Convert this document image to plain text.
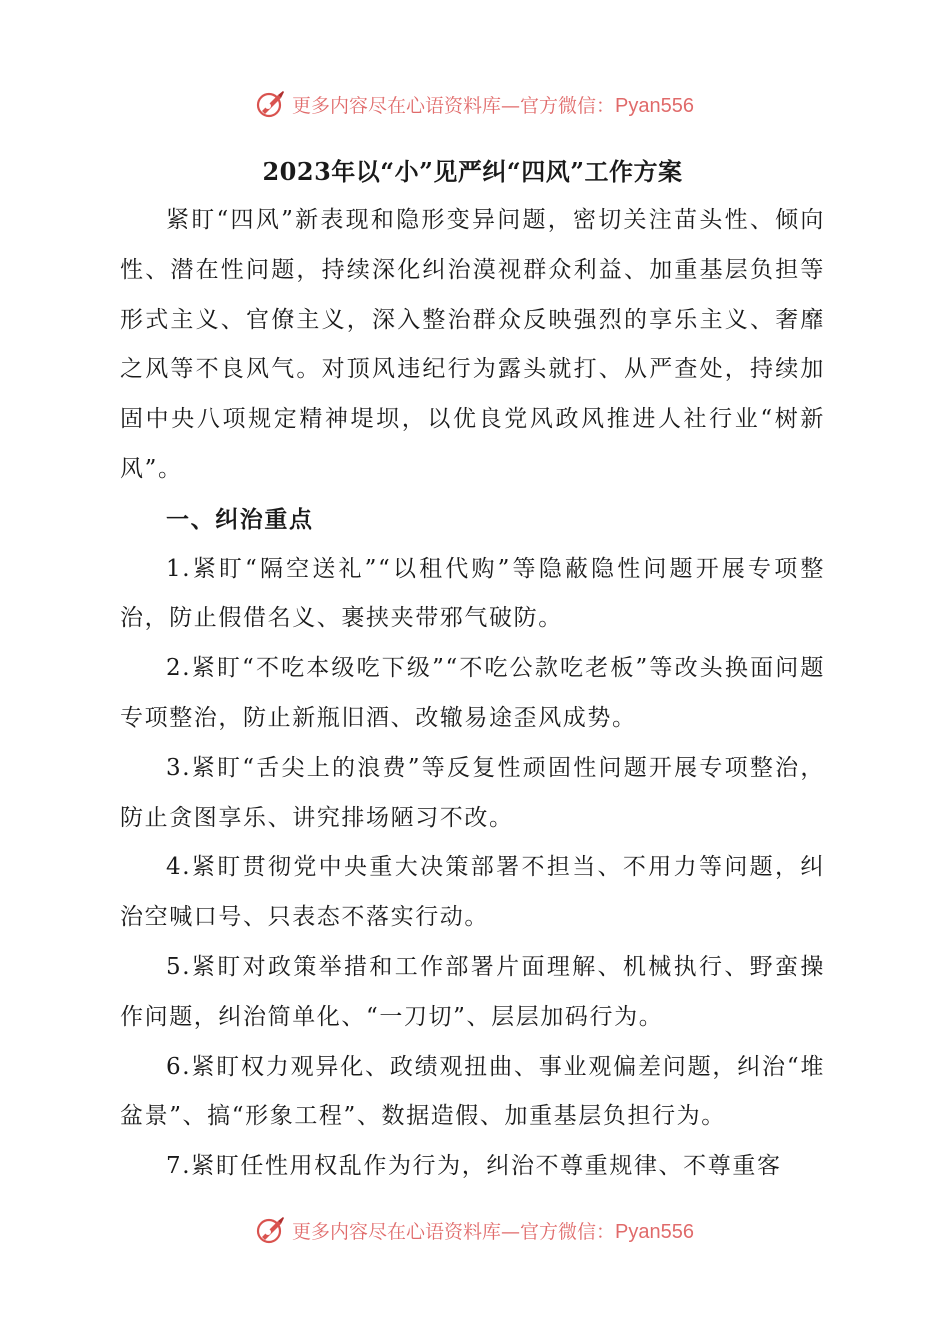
更多内容尽在心语资料库—官方微信：Pyan556

2023年以“小”见严纠“四风”工作方案

紧盯“四风”新表现和隐形变异问题，密切关注苗头性、倾向性、潜在性问题，持续深化纠治漠视群众利益、加重基层负担等形式主义、官僚主义，深入整治群众反映强烈的享乐主义、奢靡之风等不良风气。对顶风违纪行为露头就打、从严查处，持续加固中央八项规定精神堤坝，以优良党风政风推进人社行业“树新风”。

一、纠治重点

1.紧盯“隔空送礼”“以租代购”等隐蔽隐性问题开展专项整治，防止假借名义、裹挟夹带邪气破防。

2.紧盯“不吃本级吃下级”“不吃公款吃老板”等改头换面问题专项整治，防止新瓶旧酒、改辙易途歪风成势。

3.紧盯“舌尖上的浪费”等反复性顽固性问题开展专项整治，防止贪图享乐、讲究排场陋习不改。

4.紧盯贯彻党中央重大决策部署不担当、不用力等问题，纠治空喊口号、只表态不落实行动。

5.紧盯对政策举措和工作部署片面理解、机械执行、野蛮操作问题，纠治简单化、“一刀切”、层层加码行为。

6.紧盯权力观异化、政绩观扭曲、事业观偏差问题，纠治“堆盆景”、搞“形象工程”、数据造假、加重基层负担行为。

7.紧盯任性用权乱作为行为，纠治不尊重规律、不尊重客

更多内容尽在心语资料库—官方微信：Pyan556
